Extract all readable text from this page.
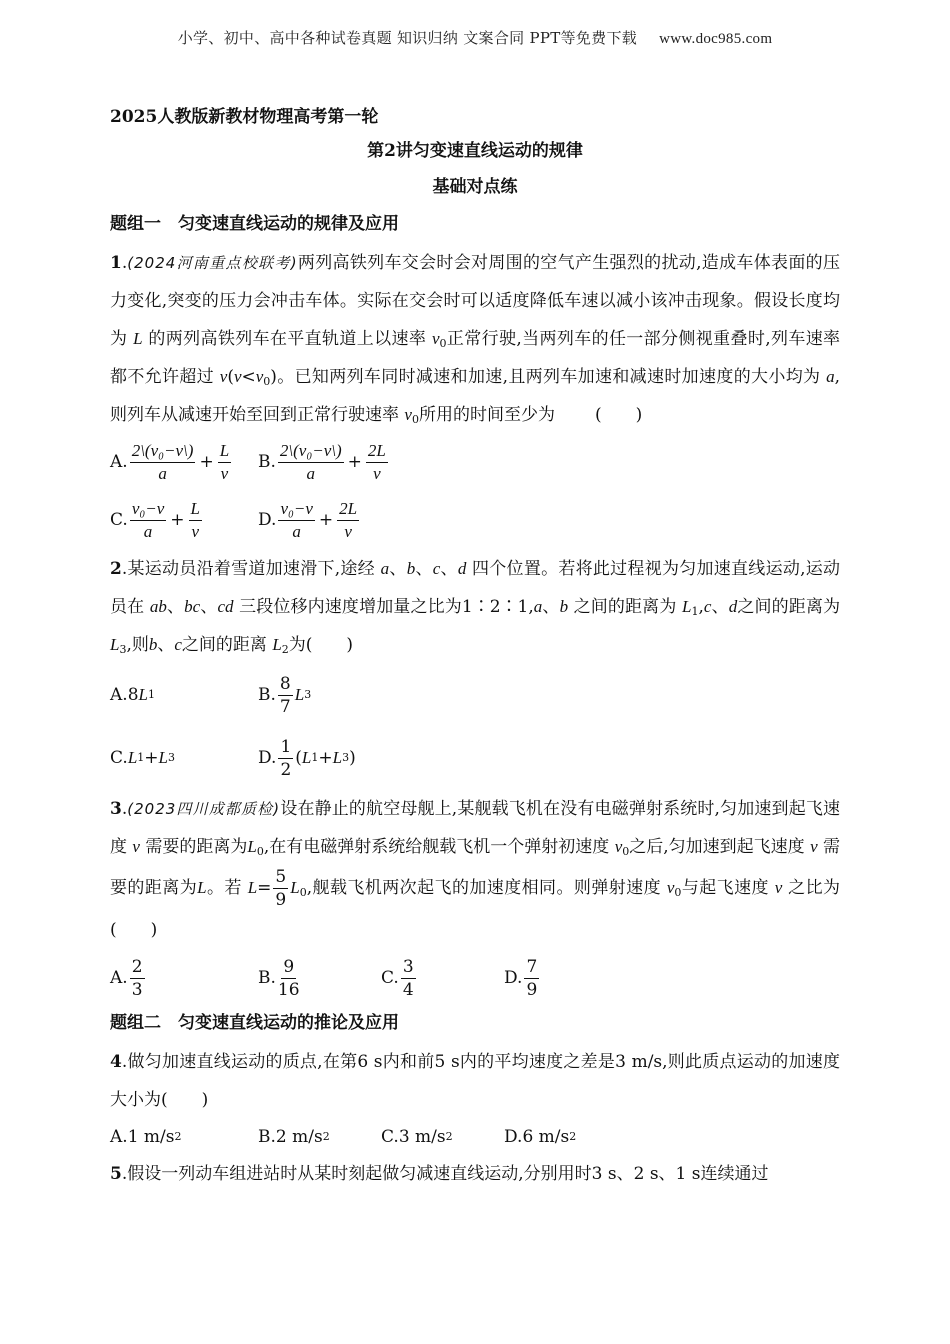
小学、初中、高中各种试卷真题 知识归纳 文案合同 PPT等免费下载 www.doc985.com

2025人教版新教材物理高考第一轮

第2讲匀变速直线运动的规律

基础对点练

题组一　匀变速直线运动的规律及应用

1.(2024河南重点校联考)两列高铁列车交会时会对周围的空气产生强烈的扰动,造成车体表面的压力变化,突变的压力会冲击车体。实际在交会时可以适度降低车速以减小该冲击现象。假设长度均为 L 的两列高铁列车在平直轨道上以速率 $v_0$正常行驶,当两列车的任一部分侧视重叠时,列车速率都不允许超过 $v(v<v_0)$。已知两列车同时减速和加速,且两列车加速和减速时加速度的大小均为 a,则列车从减速开始至回到正常行驶速率 $v_0$所用的时间至少为 (　　)

A. $\frac{\text{2\textbackslash{}(v₀−v\textbackslash{})}}{a} + \frac{L}{v} B$. $\frac{\text{2\textbackslash{}(v₀−v\textbackslash{})}}{a} + \frac{2L}{v}$
C. $\frac{\text{v₀−v}}{a} + \frac{L}{v}$	D. $\frac{\text{v₀−v}}{a} + \frac{2L}{v}$

2.某运动员沿着雪道加速滑下,途经 a、b、c、d 四个位置。若将此过程视为匀加速直线运动,运动员在 ab、bc、cd 三段位移内速度增加量之比为1∶2∶1,a、b 之间的距离为 $L_1,c$、d之间的距离为$L_3$,则b、c之间的距离 $L_2$为(　　)

A. 8 L 1	B. $\frac{8}{7}$ L 3
C. L 1 + L 3	D. $\frac{1}{2}$ ( L 1 + L 3 )

3.(2023四川成都质检)设在静止的航空母舰上,某舰载飞机在没有电磁弹射系统时,匀加速到起飞速度 v 需要的距离为$L_0$,在有电磁弹射系统给舰载飞机一个弹射初速度 $v_0$之后,匀加速到起飞速度 v 需要的距离为L。若 $L= \frac{5}{9} L_0$,舰载飞机两次起飞的加速度相同。则弹射速度 $v_0$与起飞速度 v 之比为(　　)

A. $\frac{2}{3}$	B. $\frac{9}{16}$	C. $\frac{3}{4}$	D. $\frac{7}{9}$

题组二　匀变速直线运动的推论及应用

4.做匀加速直线运动的质点,在第6 s内和前5 s内的平均速度之差是3 m/s,则此质点运动的加速度大小为(　　)

A. 1 m/s 2	B. 2 m/s 2	C. 3 m/s 2	D. 6 m/s 2

5.假设一列动车组进站时从某时刻起做匀减速直线运动,分别用时3 s、2 s、1 s连续通过
